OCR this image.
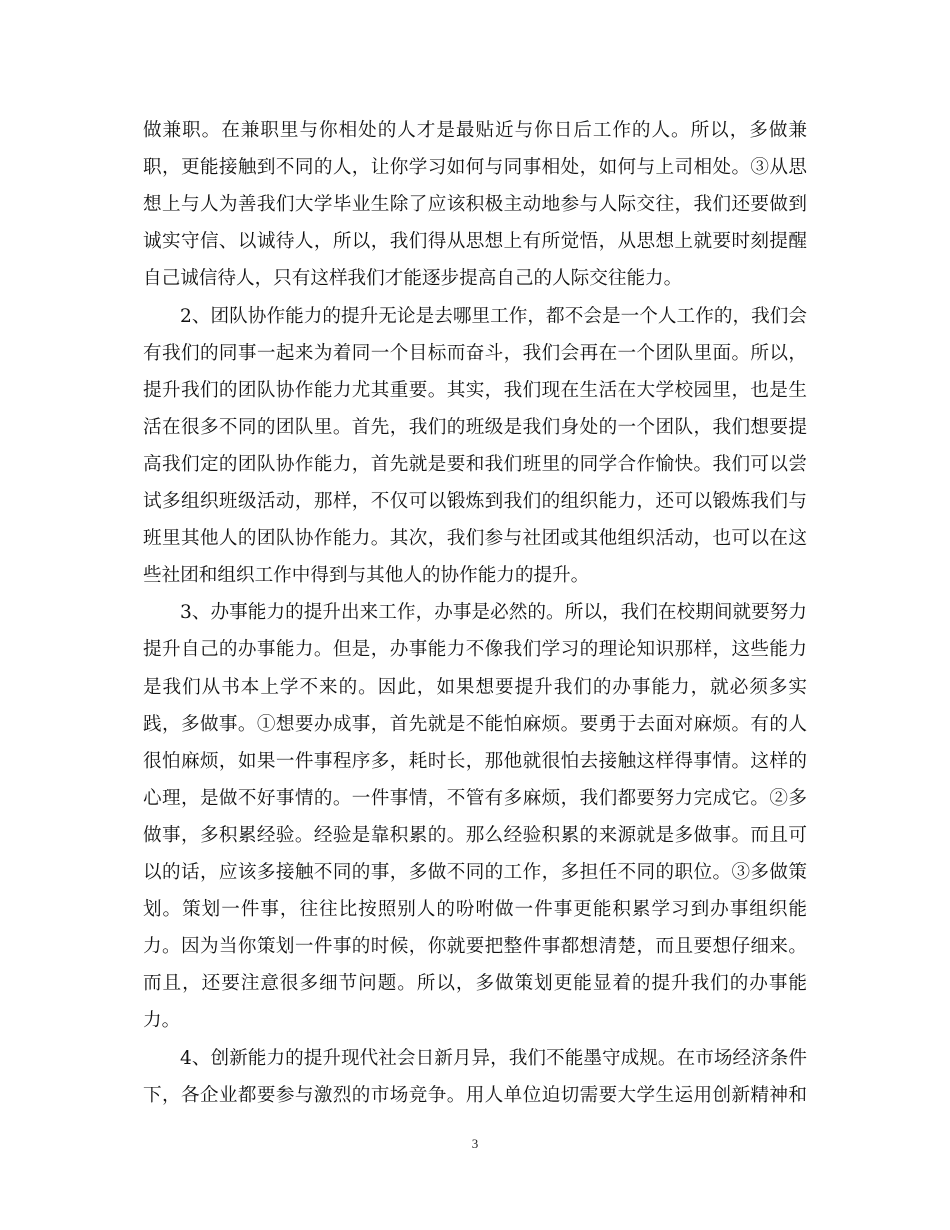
做兼职。在兼职里与你相处的人才是最贴近与你日后工作的人。所以，多做兼
职，更能接触到不同的人，让你学习如何与同事相处，如何与上司相处。③从思
想上与人为善我们大学毕业生除了应该积极主动地参与人际交往，我们还要做到
诚实守信、以诚待人，所以，我们得从思想上有所觉悟，从思想上就要时刻提醒
自己诚信待人，只有这样我们才能逐步提高自己的人际交往能力。
2、团队协作能力的提升无论是去哪里工作，都不会是一个人工作的，我们会
有我们的同事一起来为着同一个目标而奋斗，我们会再在一个团队里面。所以，
提升我们的团队协作能力尤其重要。其实，我们现在生活在大学校园里，也是生
活在很多不同的团队里。首先，我们的班级是我们身处的一个团队，我们想要提
高我们定的团队协作能力，首先就是要和我们班里的同学合作愉快。我们可以尝
试多组织班级活动，那样，不仅可以锻炼到我们的组织能力，还可以锻炼我们与
班里其他人的团队协作能力。其次，我们参与社团或其他组织活动，也可以在这
些社团和组织工作中得到与其他人的协作能力的提升。
3、办事能力的提升出来工作，办事是必然的。所以，我们在校期间就要努力
提升自己的办事能力。但是，办事能力不像我们学习的理论知识那样，这些能力
是我们从书本上学不来的。因此，如果想要提升我们的办事能力，就必须多实
践，多做事。①想要办成事，首先就是不能怕麻烦。要勇于去面对麻烦。有的人
很怕麻烦，如果一件事程序多，耗时长，那他就很怕去接触这样得事情。这样的
心理，是做不好事情的。一件事情，不管有多麻烦，我们都要努力完成它。②多
做事，多积累经验。经验是靠积累的。那么经验积累的来源就是多做事。而且可
以的话，应该多接触不同的事，多做不同的工作，多担任不同的职位。③多做策
划。策划一件事，往往比按照别人的吩咐做一件事更能积累学习到办事组织能
力。因为当你策划一件事的时候，你就要把整件事都想清楚，而且要想仔细来。
而且，还要注意很多细节问题。所以，多做策划更能显着的提升我们的办事能
力。
4、创新能力的提升现代社会日新月异，我们不能墨守成规。在市场经济条件
下，各企业都要参与激烈的市场竞争。用人单位迫切需要大学生运用创新精神和
3
